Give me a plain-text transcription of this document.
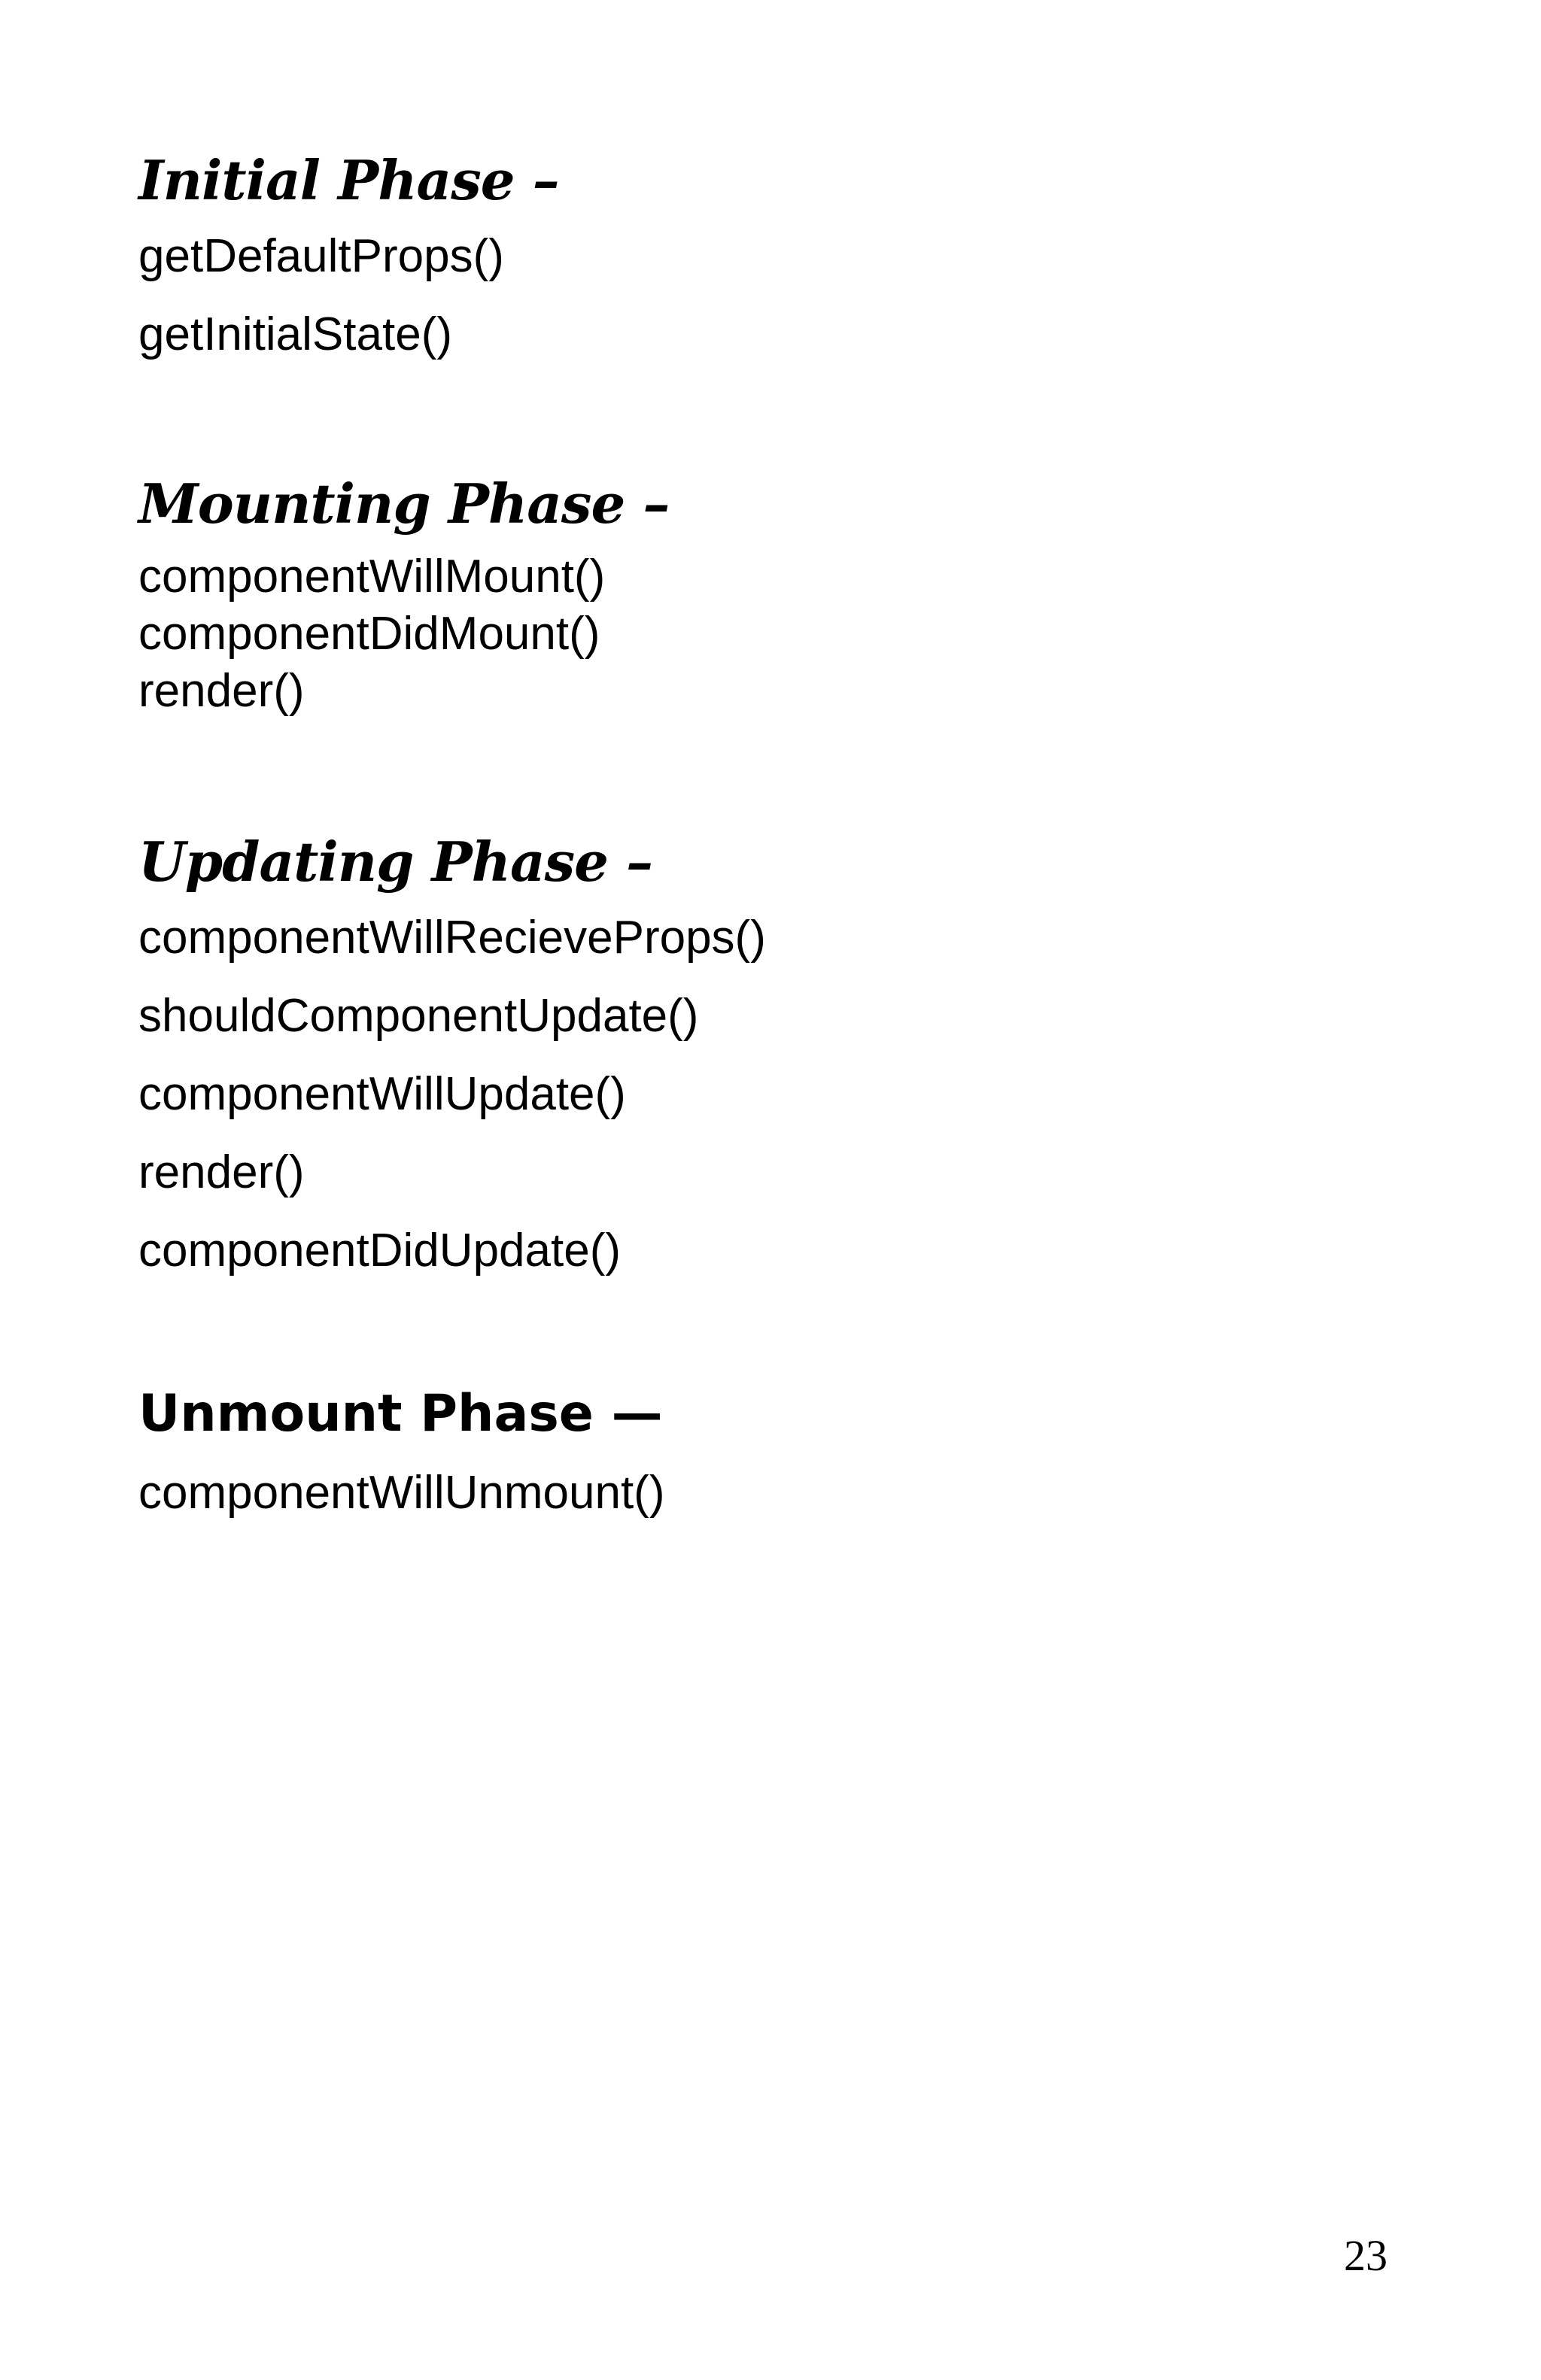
Initial Phase –
getDefaultProps()
getInitialState()
Mounting Phase –
componentWillMount()
componentDidMount()
render()
Updating Phase –
componentWillRecieveProps()
shouldComponentUpdate()
componentWillUpdate()
render()
componentDidUpdate()
Unmount Phase —
componentWillUnmount()
23
